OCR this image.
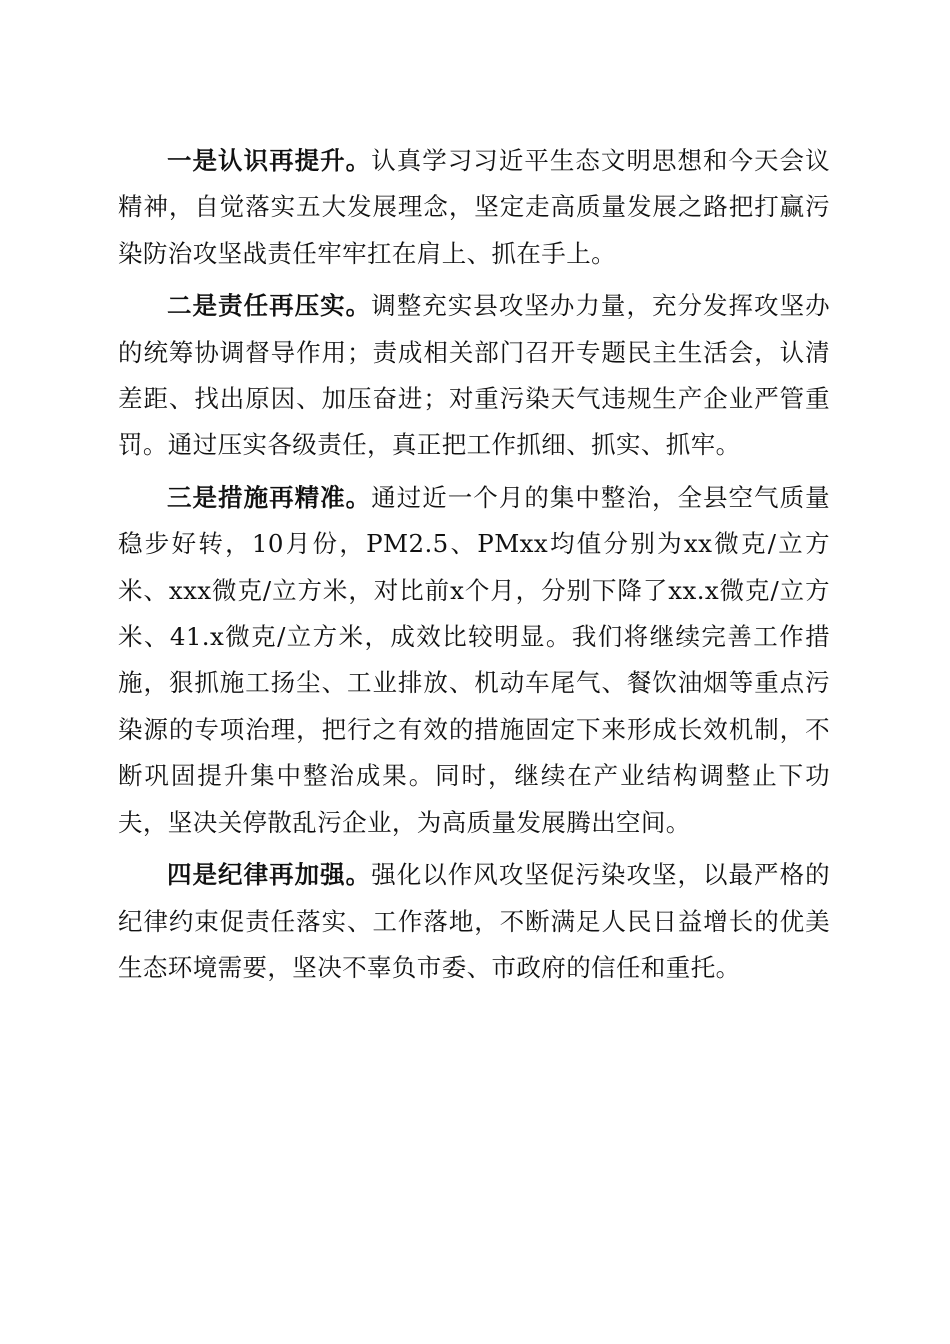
一是认识再提升。认真学习习近平生态文明思想和今天会议精神，自觉落实五大发展理念，坚定走高质量发展之路把打赢污染防治攻坚战责任牢牢扛在肩上、抓在手上。

二是责任再压实。调整充实县攻坚办力量，充分发挥攻坚办的统筹协调督导作用；责成相关部门召开专题民主生活会，认清差距、找出原因、加压奋进；对重污染天气违规生产企业严管重罚。通过压实各级责任，真正把工作抓细、抓实、抓牢。

三是措施再精准。通过近一个月的集中整治，全县空气质量稳步好转，10月份，PM2.5、PMxx均值分别为xx微克/立方米、xxx微克/立方米，对比前x个月，分别下降了xx.x微克/立方米、41.x微克/立方米，成效比较明显。我们将继续完善工作措施，狠抓施工扬尘、工业排放、机动车尾气、餐饮油烟等重点污染源的专项治理，把行之有效的措施固定下来形成长效机制，不断巩固提升集中整治成果。同时，继续在产业结构调整止下功夫，坚决关停散乱污企业，为高质量发展腾出空间。

四是纪律再加强。强化以作风攻坚促污染攻坚，以最严格的纪律约束促责任落实、工作落地，不断满足人民日益增长的优美生态环境需要，坚决不辜负市委、市政府的信任和重托。
